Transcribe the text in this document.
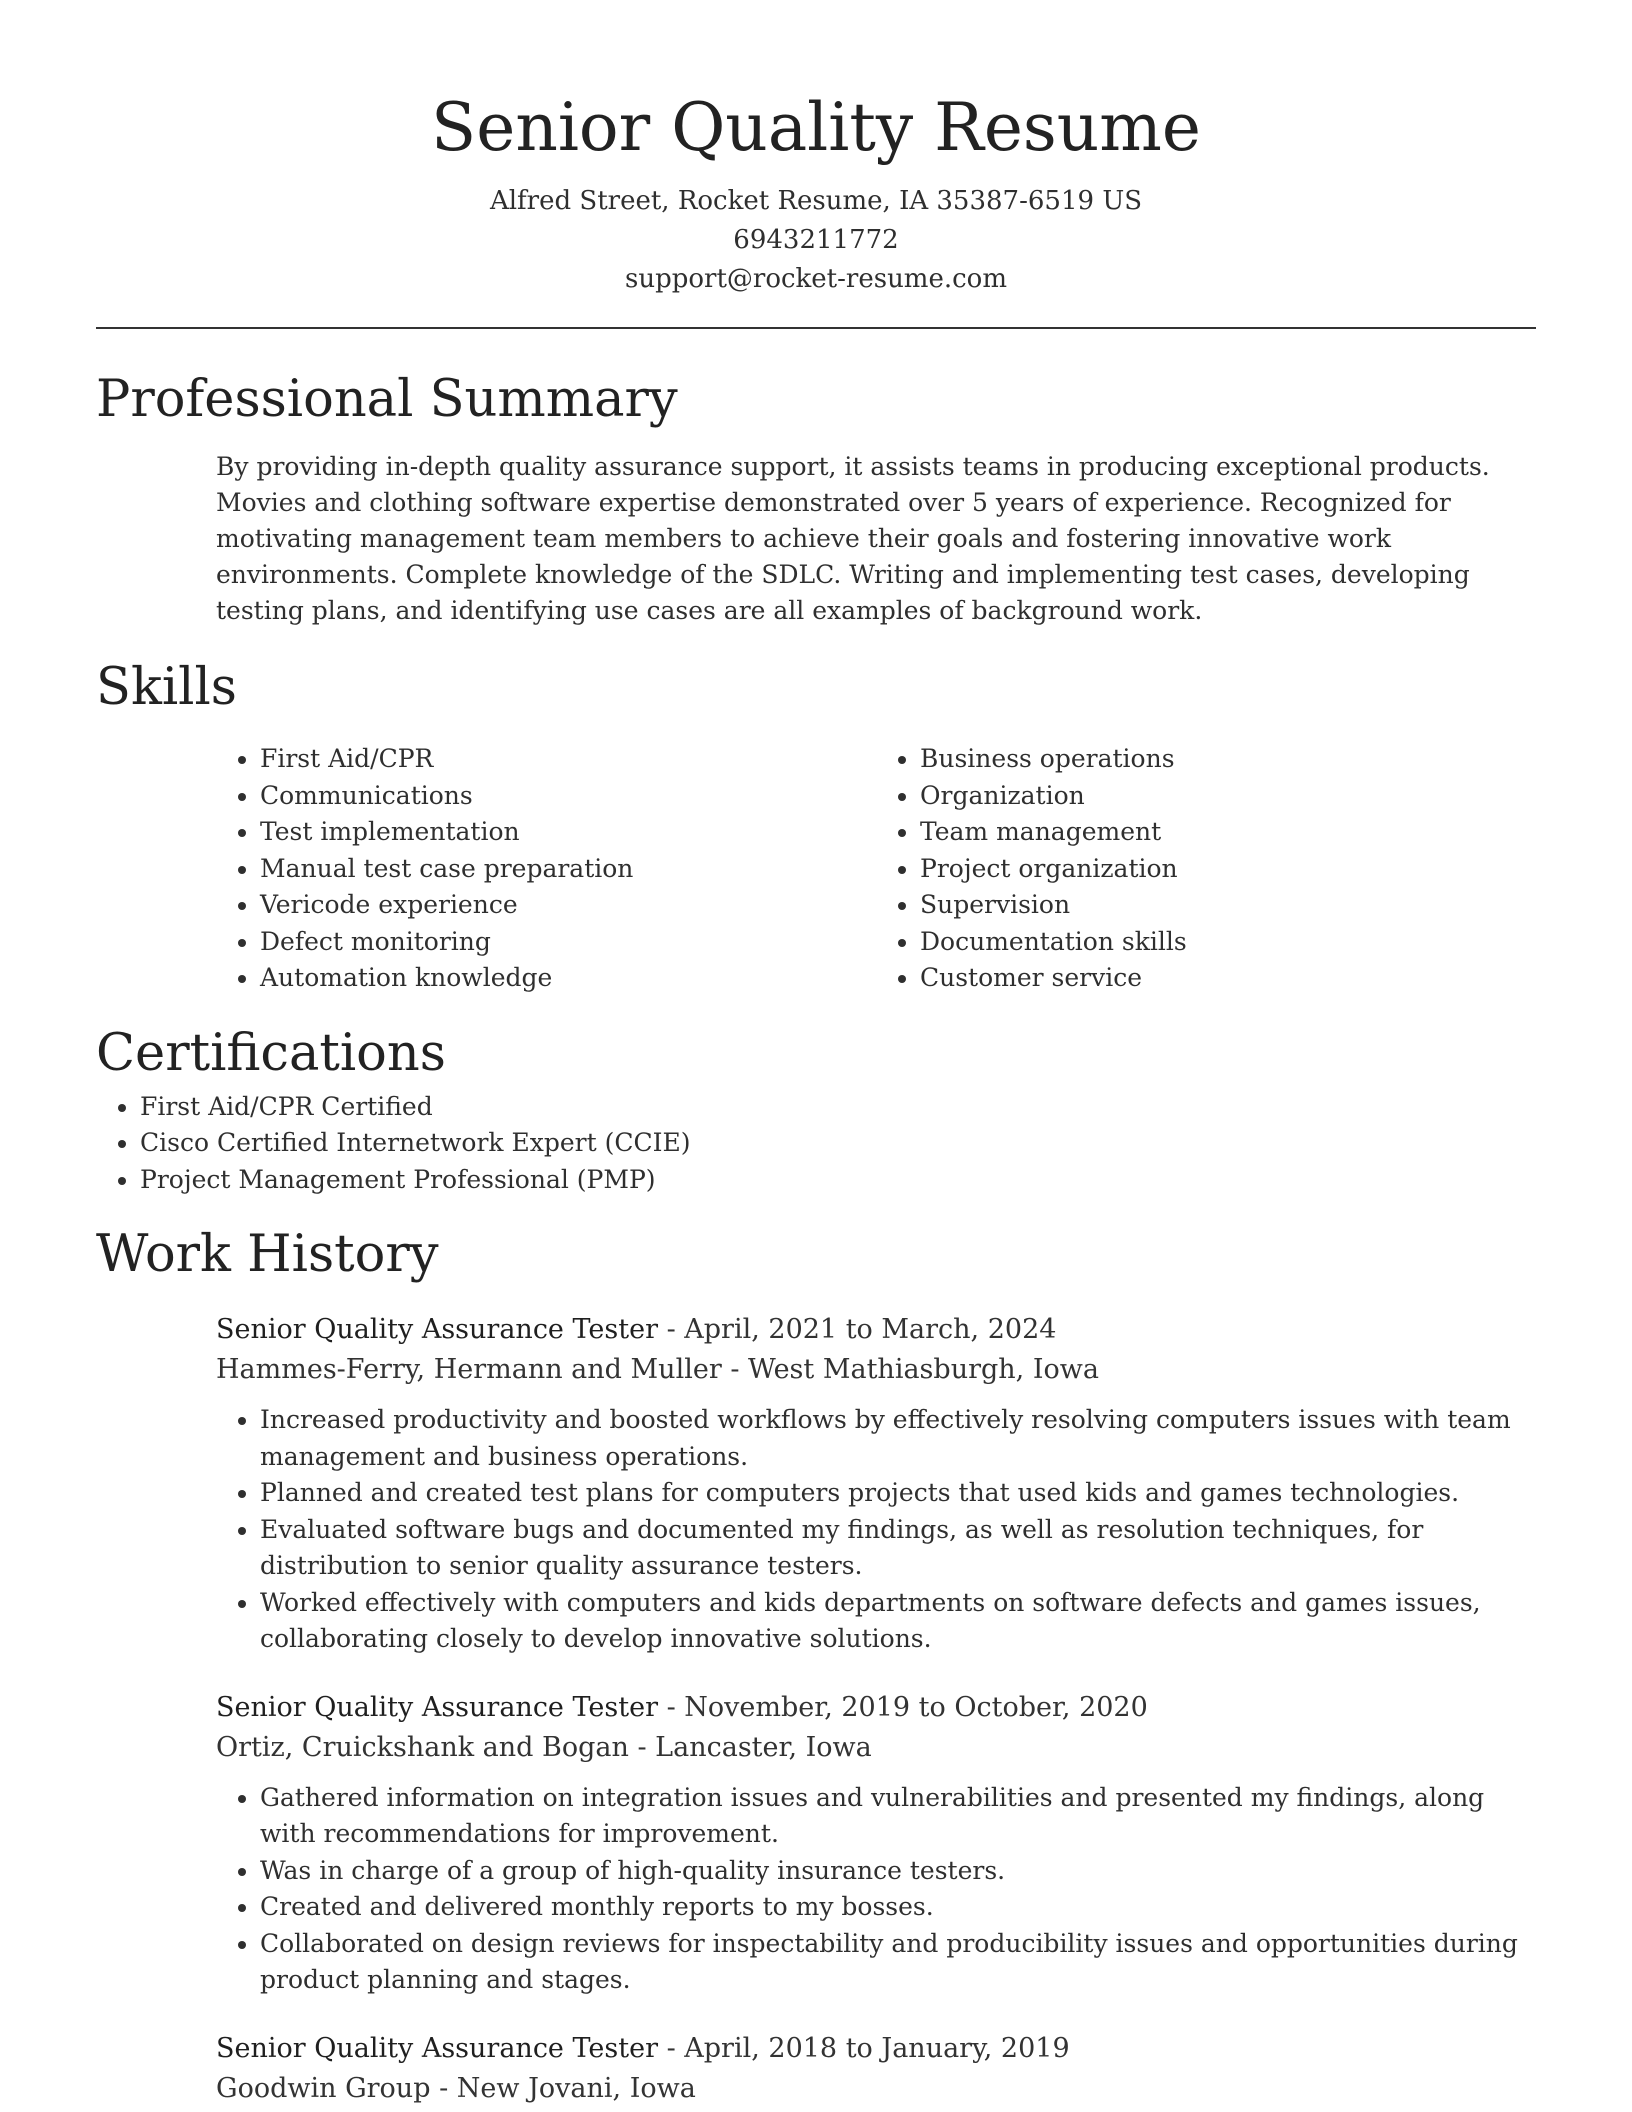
Senior Quality Resume
Alfred Street, Rocket Resume, IA 35387-6519 US
6943211772
support@rocket-resume.com
Professional Summary

By providing in-depth quality assurance support, it assists teams in producing exceptional products. Movies and clothing software expertise demonstrated over 5 years of experience. Recognized for motivating management team members to achieve their goals and fostering innovative work environments. Complete knowledge of the SDLC. Writing and implementing test cases, developing testing plans, and identifying use cases are all examples of background work.

Skills
• First Aid/CPR
• Communications
• Test implementation
• Manual test case preparation
• Vericode experience
• Defect monitoring
• Automation knowledge
• Business operations
• Organization
• Team management
• Project organization
• Supervision
• Documentation skills
• Customer service
Certifications
• First Aid/CPR Certified
• Cisco Certified Internetwork Expert (CCIE)
• Project Management Professional (PMP)
Work History
Senior Quality Assurance Tester - April, 2021 to March, 2024
Hammes-Ferry, Hermann and Muller - West Mathiasburgh, Iowa
• Increased productivity and boosted workflows by effectively resolving computers issues with team management and business operations.
• Planned and created test plans for computers projects that used kids and games technologies.
• Evaluated software bugs and documented my findings, as well as resolution techniques, for distribution to senior quality assurance testers.
• Worked effectively with computers and kids departments on software defects and games issues, collaborating closely to develop innovative solutions.
Senior Quality Assurance Tester - November, 2019 to October, 2020
Ortiz, Cruickshank and Bogan - Lancaster, Iowa
• Gathered information on integration issues and vulnerabilities and presented my findings, along with recommendations for improvement.
• Was in charge of a group of high-quality insurance testers.
• Created and delivered monthly reports to my bosses.
• Collaborated on design reviews for inspectability and producibility issues and opportunities during product planning and stages.
Senior Quality Assurance Tester - April, 2018 to January, 2019
Goodwin Group - New Jovani, Iowa
